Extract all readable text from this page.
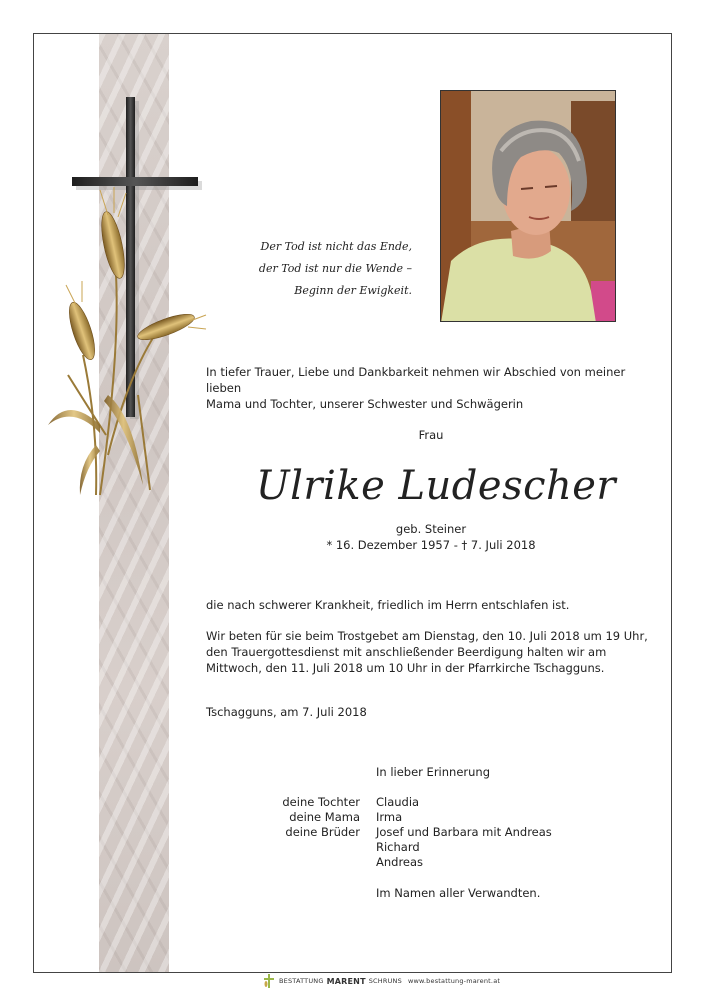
Der Tod ist nicht das Ende,
der Tod ist nur die Wende –
Beginn der Ewigkeit.
In tiefer Trauer, Liebe und Dankbarkeit nehmen wir Abschied von meiner lieben
Mama und Tochter, unserer Schwester und Schwägerin
Frau
Ulrike Ludescher
geb. Steiner
* 16. Dezember 1957 - † 7. Juli 2018
die nach schwerer Krankheit, friedlich im Herrn entschlafen ist.
Wir beten für sie beim Trostgebet am Dienstag, den 10. Juli 2018 um 19 Uhr,
den Trauergottesdienst mit anschließender Beerdigung halten wir am
Mittwoch, den 11. Juli 2018 um 10 Uhr in der Pfarrkirche Tschagguns.
Tschagguns, am 7. Juli 2018
In lieber Erinnerung
deine Tochter
deine Mama
deine Brüder
Claudia
Irma
Josef und Barbara mit Andreas
Richard
Andreas
Im Namen aller Verwandten.
BESTATTUNG MARENT SCHRUNS www.bestattung-marent.at
